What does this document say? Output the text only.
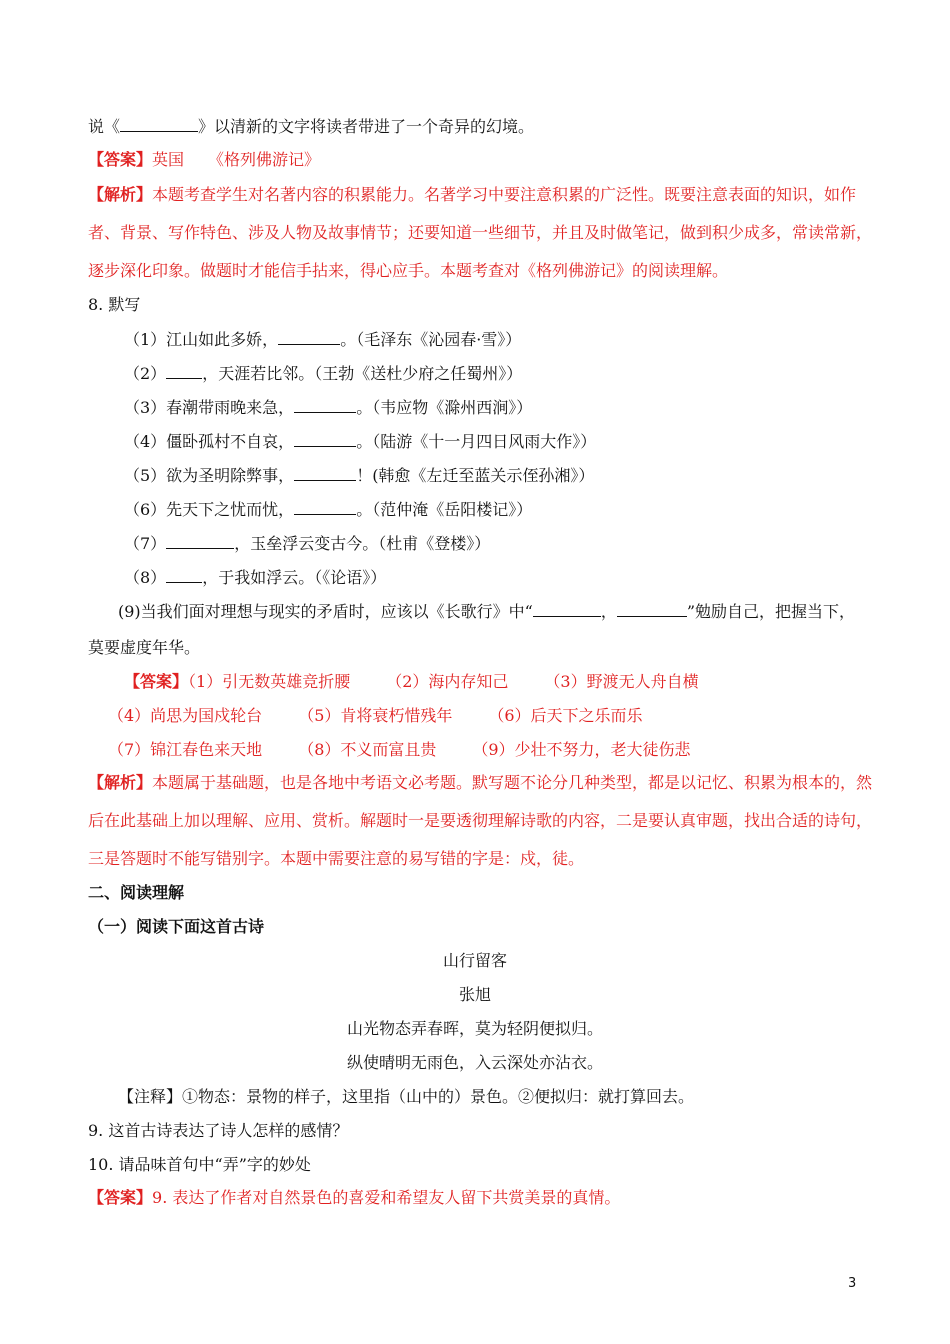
说《	》以清新的文字将读者带进了一个奇异的幻境。
【答案】英国　　《格列佛游记》
【解析】本题考查学生对名著内容的积累能力。名著学习中要注意积累的广泛性。既要注意表面的知识，如作
者、背景、写作特色、涉及人物及故事情节；还要知道一些细节，并且及时做笔记，做到积少成多，常读常新，
逐步深化印象。做题时才能信手拈来，得心应手。本题考查对《格列佛游记》的阅读理解。
8. 默写
（1）江山如此多娇，	。（毛泽东《沁园春·雪》）
（2） ，天涯若比邻。（王勃《送杜少府之任蜀州》）
（3）春潮带雨晚来急，	。（韦应物《滁州西涧》）
（4）僵卧孤村不自哀，	。（陆游《十一月四日风雨大作》）
（5）欲为圣明除弊事，	！(韩愈《左迁至蓝关示侄孙湘》）
（6）先天下之忧而忧，	。（范仲淹《岳阳楼记》）
（7）	，玉垒浮云变古今。（杜甫《登楼》）
（8） ，于我如浮云。（《论语》）
(9)当我们面对理想与现实的矛盾时，应该以《长歌行》中“	，	”勉励自己，把握当下，
莫要虚度年华。
【答案】（1）引无数英雄竞折腰 （2）海内存知己 （3）野渡无人舟自横
（4）尚思为国戍轮台 （5）肯将衰朽惜残年 （6）后天下之乐而乐
（7）锦江春色来天地 （8）不义而富且贵 （9）少壮不努力，老大徒伤悲
【解析】本题属于基础题，也是各地中考语文必考题。默写题不论分几种类型，都是以记忆、积累为根本的，然
后在此基础上加以理解、应用、赏析。解题时一是要透彻理解诗歌的内容，二是要认真审题，找出合适的诗句，
三是答题时不能写错别字。本题中需要注意的易写错的字是：戍，徒。
二、阅读理解
（一）阅读下面这首古诗
山行留客
张旭
山光物态弄春晖，莫为轻阴便拟归。
纵使晴明无雨色，入云深处亦沾衣。
【注释】①物态：景物的样子，这里指（山中的）景色。②便拟归：就打算回去。
9. 这首古诗表达了诗人怎样的感情？
10. 请品味首句中“弄”字的妙处
【答案】9. 表达了作者对自然景色的喜爱和希望友人留下共赏美景的真情。
3
